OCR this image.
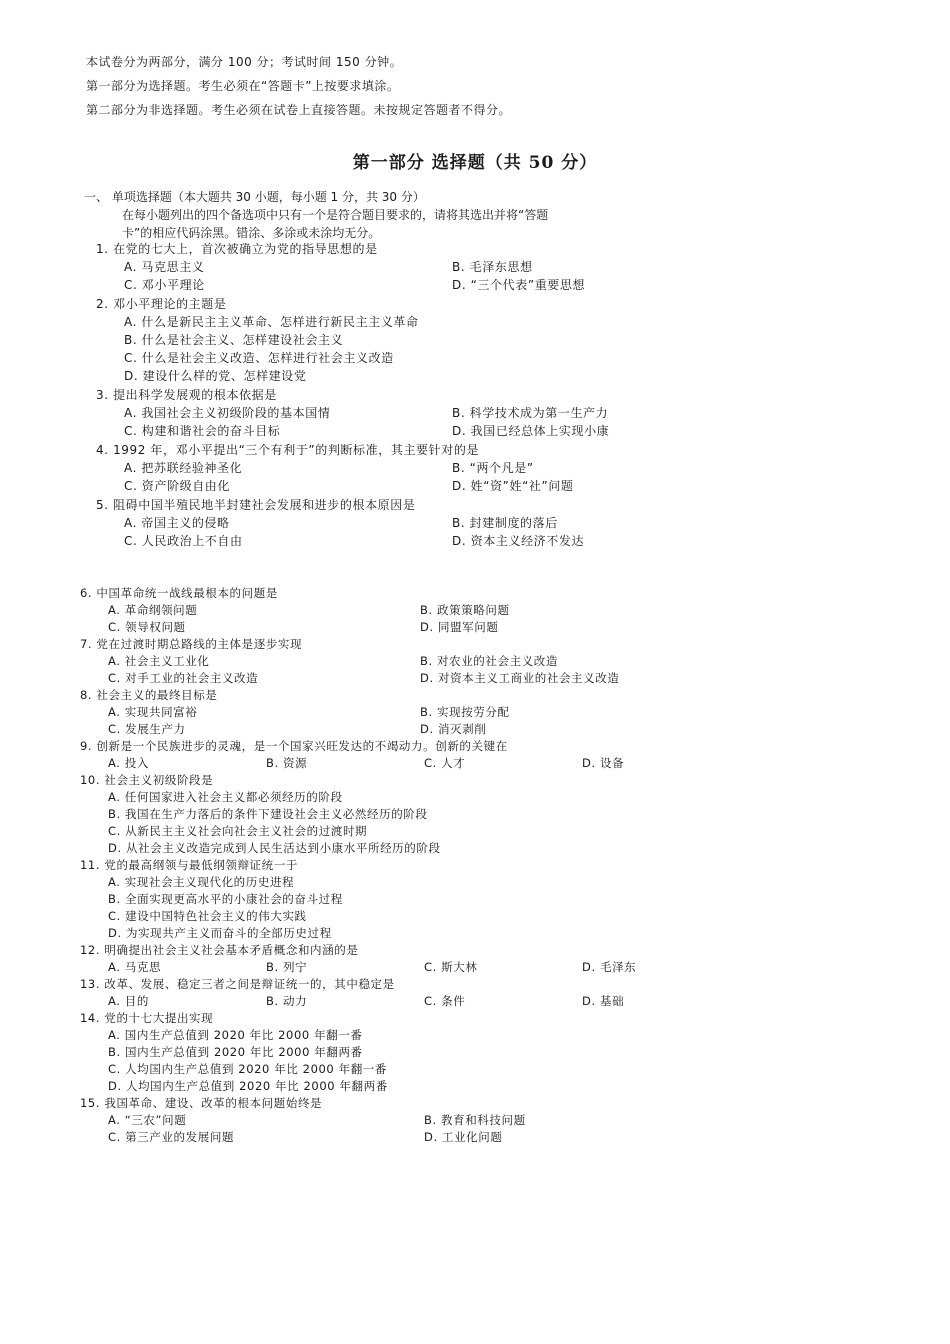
本试卷分为两部分，满分 100 分；考试时间 150 分钟。
第一部分为选择题。考生必须在“答题卡”上按要求填涂。
第二部分为非选择题。考生必须在试卷上直接答题。未按规定答题者不得分。
第一部分 选择题（共 50 分）
一、 单项选择题（本大题共 30 小题，每小题 1 分，共 30 分）
在每小题列出的四个备选项中只有一个是符合题目要求的，请将其选出并将“答题
卡”的相应代码涂黑。错涂、多涂或未涂均无分。
1. 在党的七大上，首次被确立为党的指导思想的是
A. 马克思主义	B. 毛泽东思想
C. 邓小平理论	D. “三个代表”重要思想
2. 邓小平理论的主题是
A. 什么是新民主主义革命、怎样进行新民主主义革命
B. 什么是社会主义、怎样建设社会主义
C. 什么是社会主义改造、怎样进行社会主义改造
D. 建设什么样的党、怎样建设党
3. 提出科学发展观的根本依据是
A. 我国社会主义初级阶段的基本国情	B. 科学技术成为第一生产力
C. 构建和谐社会的奋斗目标	D. 我国已经总体上实现小康
4. 1992 年，邓小平提出“三个有利于”的判断标准，其主要针对的是
A. 把苏联经验神圣化	B. “两个凡是”
C. 资产阶级自由化	D. 姓“资”姓“社”问题
5. 阻碍中国半殖民地半封建社会发展和进步的根本原因是
A. 帝国主义的侵略	B. 封建制度的落后
C. 人民政治上不自由	D. 资本主义经济不发达
6. 中国革命统一战线最根本的问题是
A. 革命纲领问题	B. 政策策略问题
C. 领导权问题	D. 同盟军问题
7. 党在过渡时期总路线的主体是逐步实现
A. 社会主义工业化	B. 对农业的社会主义改造
C. 对手工业的社会主义改造	D. 对资本主义工商业的社会主义改造
8. 社会主义的最终目标是
A. 实现共同富裕	B. 实现按劳分配
C. 发展生产力	D. 消灭剥削
9. 创新是一个民族进步的灵魂，是一个国家兴旺发达的不竭动力。创新的关键在
A. 投入	B. 资源	C. 人才	D. 设备
10. 社会主义初级阶段是
A. 任何国家进入社会主义都必须经历的阶段
B. 我国在生产力落后的条件下建设社会主义必然经历的阶段
C. 从新民主主义社会向社会主义社会的过渡时期
D. 从社会主义改造完成到人民生活达到小康水平所经历的阶段
11. 党的最高纲领与最低纲领辩证统一于
A. 实现社会主义现代化的历史进程
B. 全面实现更高水平的小康社会的奋斗过程
C. 建设中国特色社会主义的伟大实践
D. 为实现共产主义而奋斗的全部历史过程
12. 明确提出社会主义社会基本矛盾概念和内涵的是
A. 马克思	B. 列宁	C. 斯大林	D. 毛泽东
13. 改革、发展、稳定三者之间是辩证统一的，其中稳定是
A. 目的	B. 动力	C. 条件	D. 基础
14. 党的十七大提出实现
A. 国内生产总值到 2020 年比 2000 年翻一番
B. 国内生产总值到 2020 年比 2000 年翻两番
C. 人均国内生产总值到 2020 年比 2000 年翻一番
D. 人均国内生产总值到 2020 年比 2000 年翻两番
15. 我国革命、建设、改革的根本问题始终是
A. “三农”问题	B. 教育和科技问题
C. 第三产业的发展问题	D. 工业化问题
